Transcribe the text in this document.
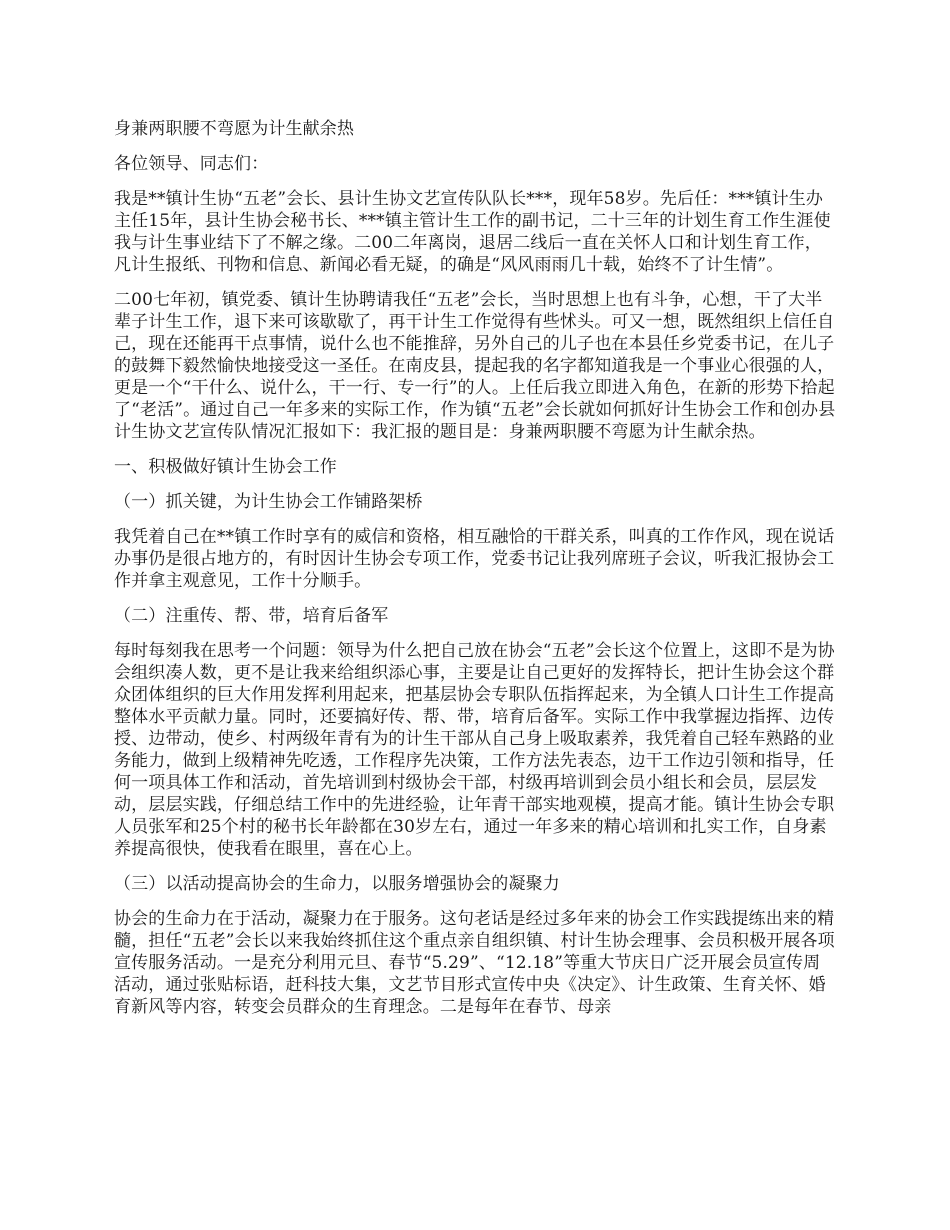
身兼两职腰不弯愿为计生献余热

各位领导、同志们：

我是**镇计生协“五老”会长、县计生协文艺宣传队队长***，现年58岁。先后任：***镇计生办主任15年，县计生协会秘书长、***镇主管计生工作的副书记，二十三年的计划生育工作生涯使我与计生事业结下了不解之缘。二00二年离岗，退居二线后一直在关怀人口和计划生育工作，凡计生报纸、刊物和信息、新闻必看无疑，的确是“风风雨雨几十载，始终不了计生情”。

二00七年初，镇党委、镇计生协聘请我任“五老”会长，当时思想上也有斗争，心想，干了大半辈子计生工作，退下来可该歇歇了，再干计生工作觉得有些怵头。可又一想，既然组织上信任自己，现在还能再干点事情，说什么也不能推辞，另外自己的儿子也在本县任乡党委书记，在儿子的鼓舞下毅然愉快地接受这一圣任。在南皮县，提起我的名字都知道我是一个事业心很强的人，更是一个“干什么、说什么，干一行、专一行”的人。上任后我立即进入角色，在新的形势下拾起了“老活”。通过自己一年多来的实际工作，作为镇“五老”会长就如何抓好计生协会工作和创办县计生协文艺宣传队情况汇报如下：我汇报的题目是：身兼两职腰不弯愿为计生献余热。

一、积极做好镇计生协会工作

（一）抓关键，为计生协会工作铺路架桥

我凭着自己在**镇工作时享有的威信和资格，相互融恰的干群关系，叫真的工作作风，现在说话办事仍是很占地方的，有时因计生协会专项工作，党委书记让我列席班子会议，听我汇报协会工作并拿主观意见，工作十分顺手。

（二）注重传、帮、带，培育后备军

每时每刻我在思考一个问题：领导为什么把自己放在协会“五老”会长这个位置上，这即不是为协会组织凑人数，更不是让我来给组织添心事，主要是让自己更好的发挥特长，把计生协会这个群众团体组织的巨大作用发挥利用起来，把基层协会专职队伍指挥起来，为全镇人口计生工作提高整体水平贡献力量。同时，还要搞好传、帮、带，培育后备军。实际工作中我掌握边指挥、边传授、边带动，使乡、村两级年青有为的计生干部从自己身上吸取素养，我凭着自己轻车熟路的业务能力，做到上级精神先吃透，工作程序先决策，工作方法先表态，边干工作边引领和指导，任何一项具体工作和活动，首先培训到村级协会干部，村级再培训到会员小组长和会员，层层发动，层层实践，仔细总结工作中的先进经验，让年青干部实地观模，提高才能。镇计生协会专职人员张军和25个村的秘书长年龄都在30岁左右，通过一年多来的精心培训和扎实工作，自身素养提高很快，使我看在眼里，喜在心上。

（三）以活动提高协会的生命力，以服务增强协会的凝聚力

协会的生命力在于活动，凝聚力在于服务。这句老话是经过多年来的协会工作实践提练出来的精髓，担任“五老”会长以来我始终抓住这个重点亲自组织镇、村计生协会理事、会员积极开展各项宣传服务活动。一是充分利用元旦、春节“5.29”、“12.18”等重大节庆日广泛开展会员宣传周活动，通过张贴标语，赶科技大集，文艺节目形式宣传中央《决定》、计生政策、生育关怀、婚育新风等内容，转变会员群众的生育理念。二是每年在春节、母亲
